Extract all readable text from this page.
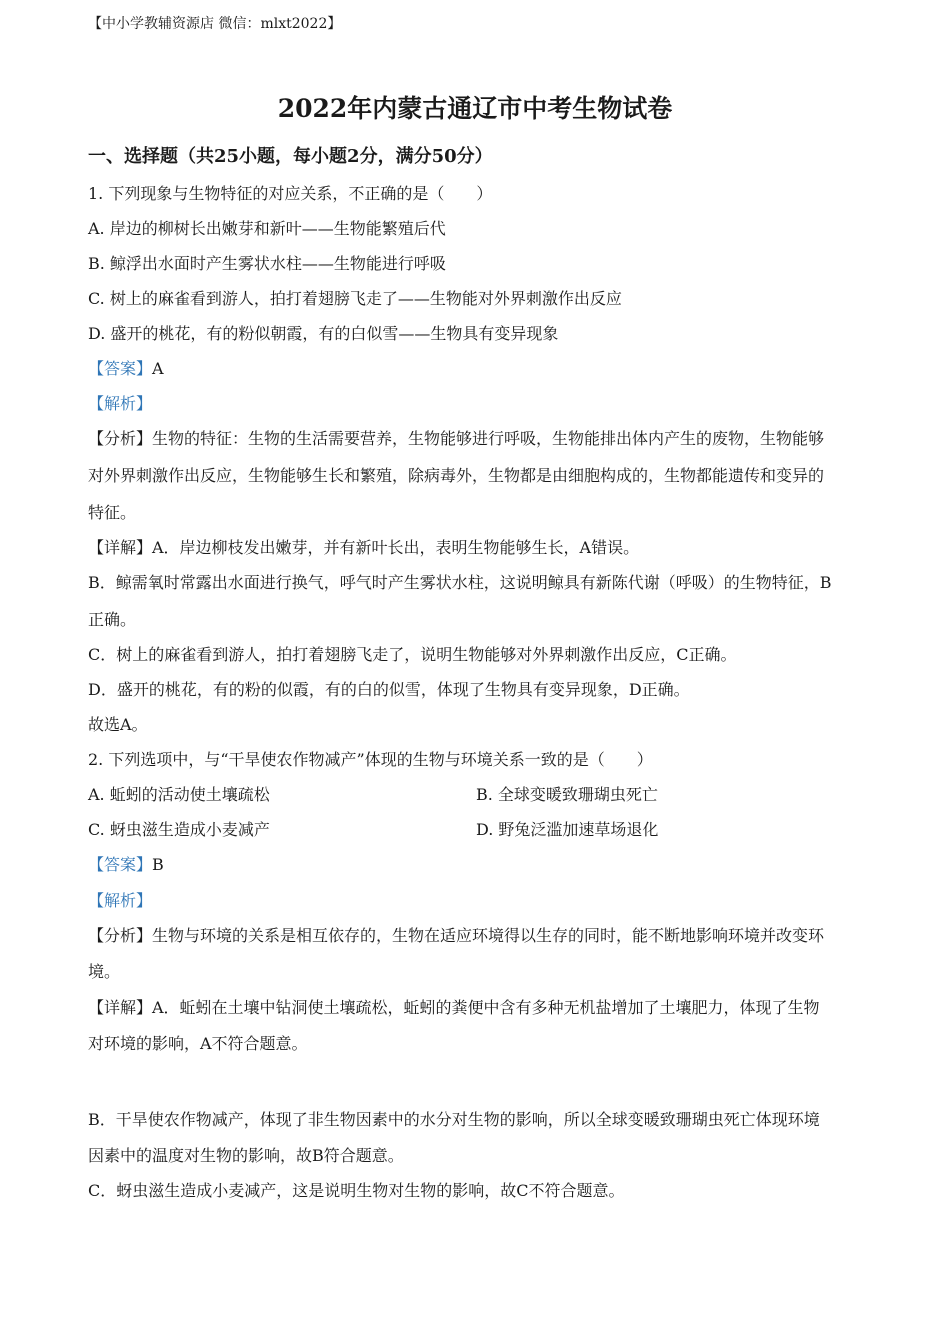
【中小学教辅资源店 微信：mlxt2022】
2022年内蒙古通辽市中考生物试卷
一、选择题（共25小题，每小题2分，满分50分）
1. 下列现象与生物特征的对应关系，不正确的是（　　）
A. 岸边的柳树长出嫩芽和新叶——生物能繁殖后代
B. 鲸浮出水面时产生雾状水柱——生物能进行呼吸
C. 树上的麻雀看到游人，拍打着翅膀飞走了——生物能对外界刺激作出反应
D. 盛开的桃花，有的粉似朝霞，有的白似雪——生物具有变异现象
【答案】A
【解析】
【分析】生物的特征：生物的生活需要营养，生物能够进行呼吸，生物能排出体内产生的废物，生物能够
对外界刺激作出反应，生物能够生长和繁殖，除病毒外，生物都是由细胞构成的，生物都能遗传和变异的
特征。
【详解】A．岸边柳枝发出嫩芽，并有新叶长出，表明生物能够生长，A错误。
B．鲸需氧时常露出水面进行换气，呼气时产生雾状水柱，这说明鲸具有新陈代谢（呼吸）的生物特征，B
正确。
C．树上的麻雀看到游人，拍打着翅膀飞走了，说明生物能够对外界刺激作出反应，C正确。
D．盛开的桃花，有的粉的似霞，有的白的似雪，体现了生物具有变异现象，D正确。
故选A。
2. 下列选项中，与“干旱使农作物减产”体现的生物与环境关系一致的是（　　）
A. 蚯蚓的活动使土壤疏松	B. 全球变暖致珊瑚虫死亡
C. 蚜虫滋生造成小麦减产	D. 野兔泛滥加速草场退化
【答案】B
【解析】
【分析】生物与环境的关系是相互依存的，生物在适应环境得以生存的同时，能不断地影响环境并改变环
境。
【详解】A．蚯蚓在土壤中钻洞使土壤疏松，蚯蚓的粪便中含有多种无机盐增加了土壤肥力，体现了生物
对环境的影响，A不符合题意。
B．干旱使农作物减产，体现了非生物因素中的水分对生物的影响，所以全球变暖致珊瑚虫死亡体现环境
因素中的温度对生物的影响，故B符合题意。
C．蚜虫滋生造成小麦减产，这是说明生物对生物的影响，故C不符合题意。
